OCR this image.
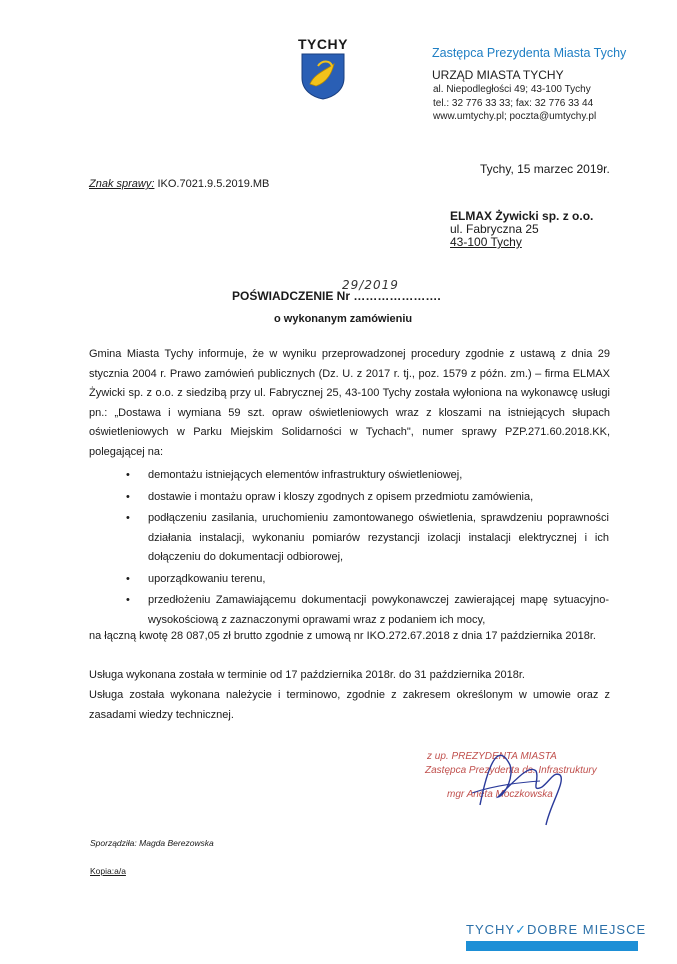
TYCHY
Zastępca Prezydenta Miasta Tychy
URZĄD MIASTA TYCHY
al. Niepodległości 49; 43-100 Tychy
tel.: 32 776 33 33; fax: 32 776 33 44
www.umtychy.pl; poczta@umtychy.pl
Tychy, 15 marzec 2019r.
Znak sprawy: IKO.7021.9.5.2019.MB
ELMAX Żywicki sp. z o.o.
ul. Fabryczna 25
43-100 Tychy
POŚWIADCZENIE Nr ………………….
29/2019
o wykonanym zamówieniu
Gmina Miasta Tychy informuje, że w wyniku przeprowadzonej procedury zgodnie z ustawą z dnia 29 stycznia 2004 r. Prawo zamówień publicznych (Dz. U. z 2017 r. tj., poz. 1579 z późn. zm.) – firma ELMAX Żywicki sp. z o.o. z siedzibą przy ul. Fabrycznej 25, 43-100 Tychy została wyłoniona na wykonawcę usługi pn.: „Dostawa i wymiana 59 szt. opraw oświetleniowych wraz z kloszami na istniejących słupach oświetleniowych w Parku Miejskim Solidarności w Tychach", numer sprawy PZP.271.60.2018.KK, polegającej na:
• demontażu istniejących elementów infrastruktury oświetleniowej,
• dostawie i montażu opraw i kloszy zgodnych z opisem przedmiotu zamówienia,
• podłączeniu zasilania, uruchomieniu zamontowanego oświetlenia, sprawdzeniu poprawności działania instalacji, wykonaniu pomiarów rezystancji izolacji instalacji elektrycznej i ich dołączeniu do dokumentacji odbiorowej,
• uporządkowaniu terenu,
• przedłożeniu Zamawiającemu dokumentacji powykonawczej zawierającej mapę sytuacyjno-wysokościową z zaznaczonymi oprawami wraz z podaniem ich mocy,
na łączną kwotę 28 087,05 zł brutto zgodnie z umową nr IKO.272.67.2018 z dnia 17 października 2018r.
Usługa wykonana została w terminie od 17 października 2018r. do 31 października 2018r.
Usługa została wykonana należycie i terminowo, zgodnie z zakresem określonym w umowie oraz z zasadami wiedzy technicznej.
z up. PREZYDENTA MIASTA
Zastępca Prezydenta ds. Infrastruktury
mgr Aneta Moczkowska
Sporządziła: Magda Berezowska
Kopia:a/a
TYCHY✓DOBRE MIEJSCE
